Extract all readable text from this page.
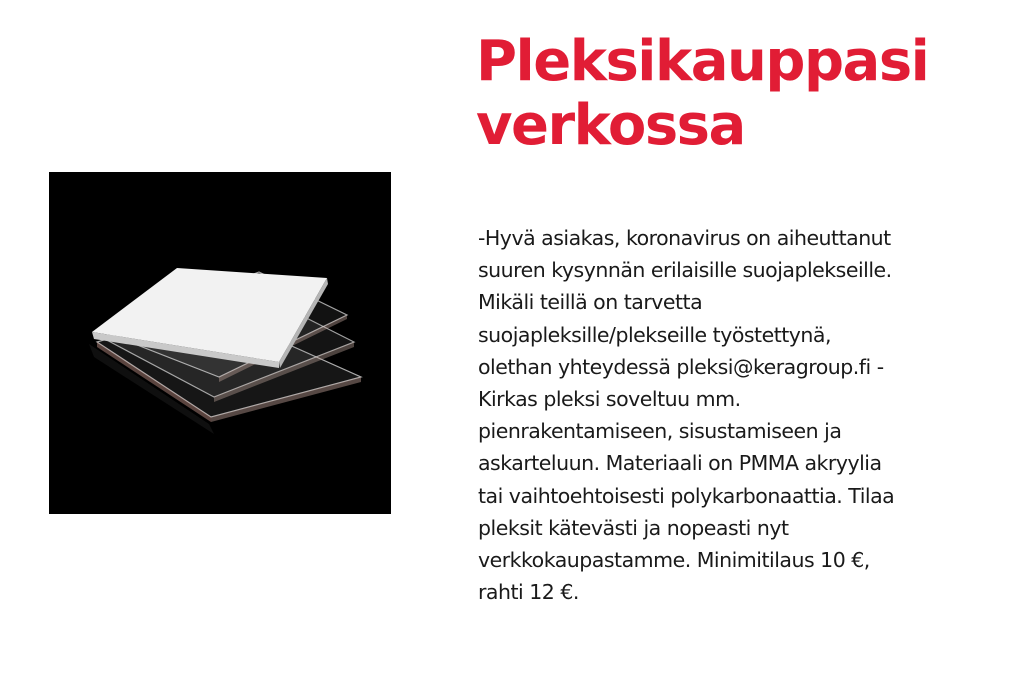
Pleksikauppasi
verkossa

-Hyvä asiakas, koronavirus on aiheuttanut
suuren kysynnän erilaisille suojaplekseille.
Mikäli teillä on tarvetta
suojapleksille/plekseille työstettynä,
olethan yhteydessä pleksi@keragroup.fi -
Kirkas pleksi soveltuu mm.
pienrakentamiseen, sisustamiseen ja
askarteluun. Materiaali on PMMA akryylia
tai vaihtoehtoisesti polykarbonaattia. Tilaa
pleksit kätevästi ja nopeasti nyt
verkkokaupastamme. Minimitilaus 10 €,
rahti 12 €.
